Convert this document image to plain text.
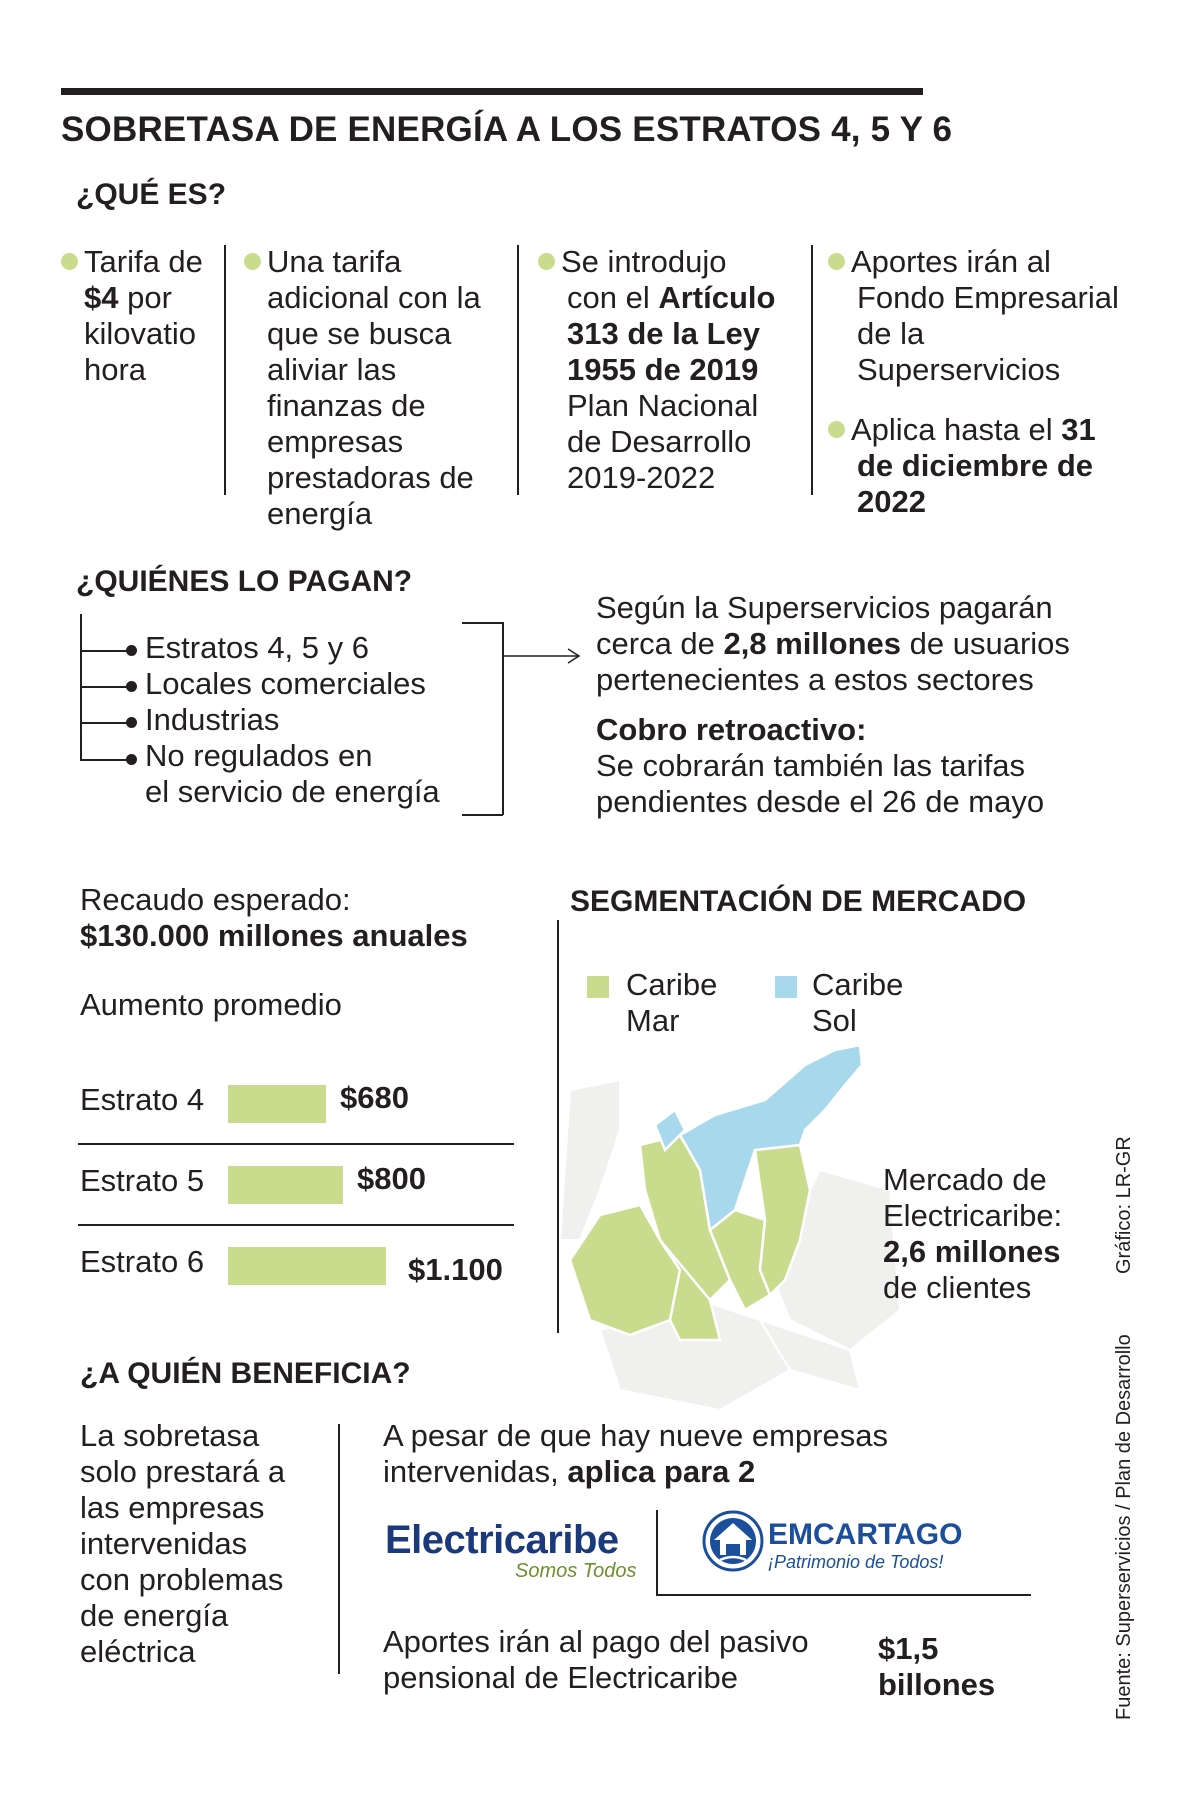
SOBRETASA DE ENERGÍA A LOS ESTRATOS 4, 5 Y 6
¿QUÉ ES?
Tarifa de
$4 por
kilovatio
hora
Una tarifa
adicional con la
que se busca
aliviar las
finanzas de
empresas
prestadoras de
energía
Se introdujo
con el Artículo
313 de la Ley
1955 de 2019
Plan Nacional
de Desarrollo
2019-2022
Aportes irán al
Fondo Empresarial
de la
Superservicios
Aplica hasta el 31
de diciembre de
2022
¿QUIÉNES LO PAGAN?
Estratos 4, 5 y 6
Locales comerciales
Industrias
No regulados en
el servicio de energía
Según la Superservicios pagarán
cerca de 2,8 millones de usuarios
pertenecientes a estos sectores
Cobro retroactivo:
Se cobrarán también las tarifas
pendientes desde el 26 de mayo
Recaudo esperado:
$130.000 millones anuales
Aumento promedio
Estrato 4	$680
Estrato 5	$800
Estrato 6	$1.100
SEGMENTACIÓN DE MERCADO
Caribe
Mar
Caribe
Sol
Mercado de
Electricaribe:
2,6 millones
de clientes
Fuente: Superservicios / Plan de Desarrollo
Gráfico: LR-GR
¿A QUIÉN BENEFICIA?
La sobretasa
solo prestará a
las empresas
intervenidas
con problemas
de energía
eléctrica
A pesar de que hay nueve empresas
intervenidas, aplica para 2
Electricaribe
Somos Todos
EMCARTAGO
¡Patrimonio de Todos!
Aportes irán al pago del pasivo
pensional de Electricaribe
$1,5
billones
